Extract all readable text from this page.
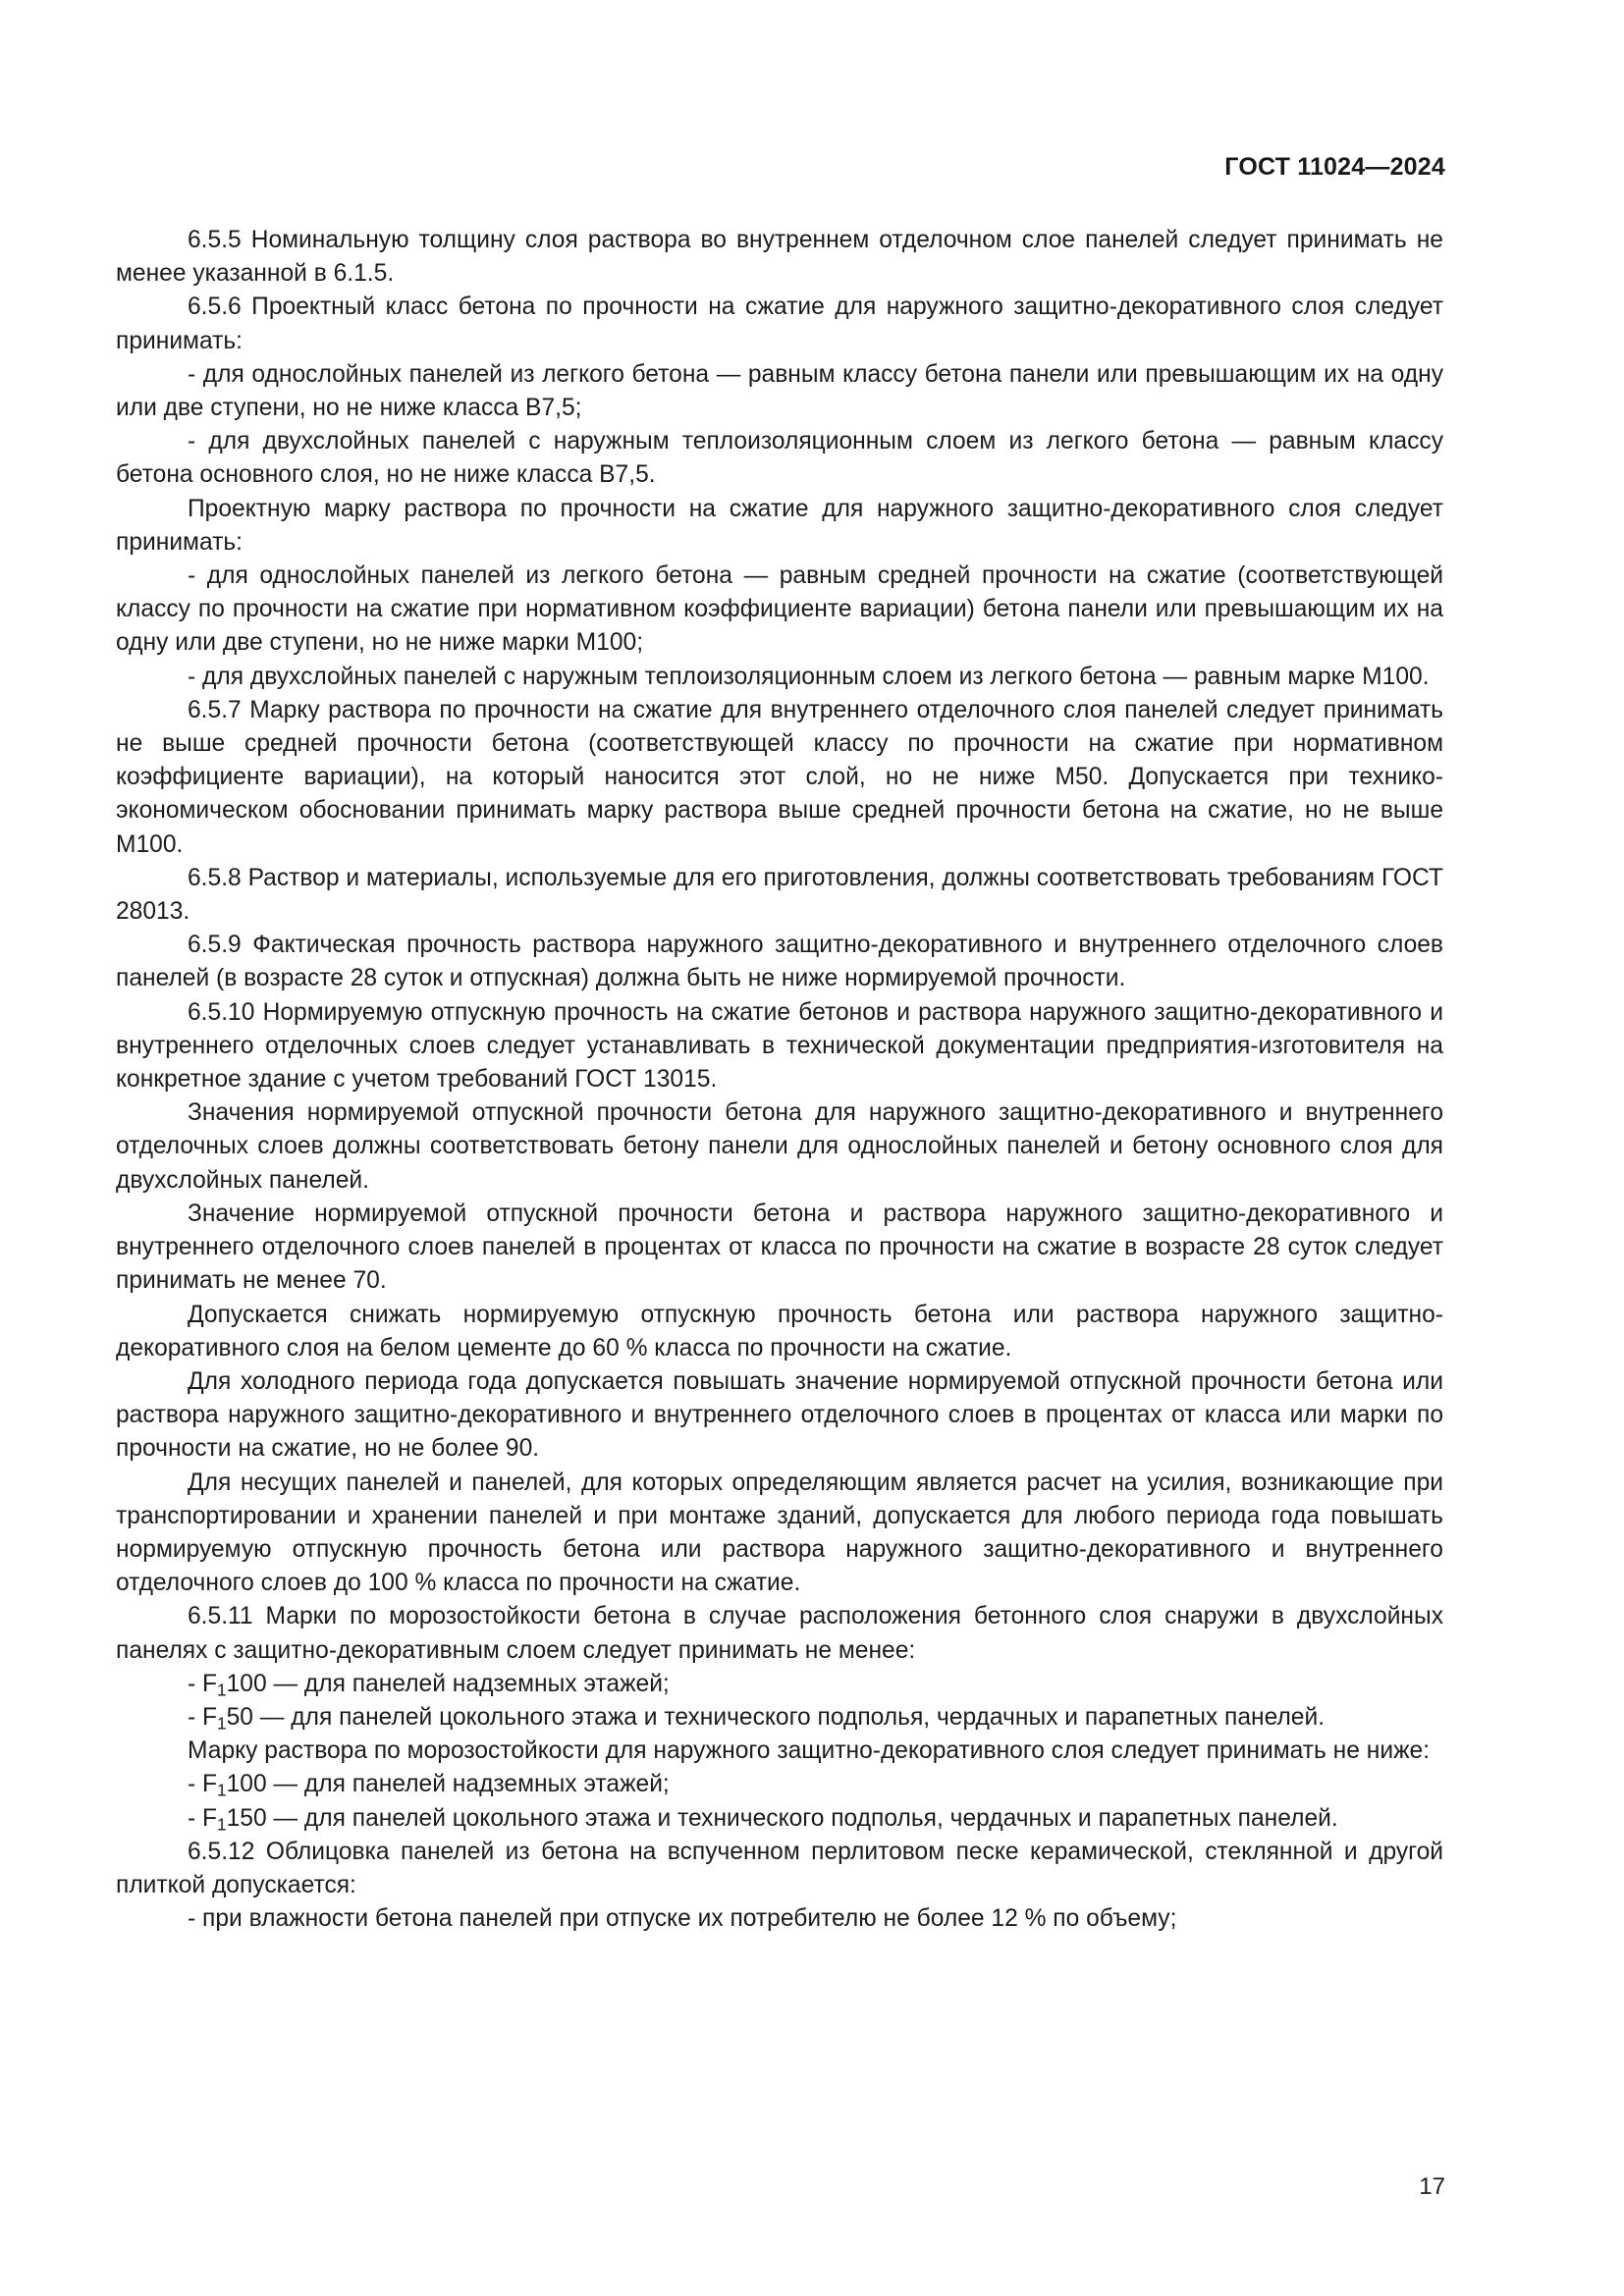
ГОСТ 11024—2024

6.5.5 Номинальную толщину слоя раствора во внутреннем отделочном слое панелей следует принимать не менее указанной в 6.1.5.

6.5.6 Проектный класс бетона по прочности на сжатие для наружного защитно-декоративного слоя следует принимать:

- для однослойных панелей из легкого бетона — равным классу бетона панели или превышающим их на одну или две ступени, но не ниже класса В7,5;

- для двухслойных панелей с наружным теплоизоляционным слоем из легкого бетона — равным классу бетона основного слоя, но не ниже класса В7,5.

Проектную марку раствора по прочности на сжатие для наружного защитно-декоративного слоя следует принимать:

- для однослойных панелей из легкого бетона — равным средней прочности на сжатие (соответствующей классу по прочности на сжатие при нормативном коэффициенте вариации) бетона панели или превышающим их на одну или две ступени, но не ниже марки М100;

- для двухслойных панелей с наружным теплоизоляционным слоем из легкого бетона — равным марке М100.

6.5.7 Марку раствора по прочности на сжатие для внутреннего отделочного слоя панелей следует принимать не выше средней прочности бетона (соответствующей классу по прочности на сжатие при нормативном коэффициенте вариации), на который наносится этот слой, но не ниже М50. Допускается при технико-экономическом обосновании принимать марку раствора выше средней прочности бетона на сжатие, но не выше М100.

6.5.8 Раствор и материалы, используемые для его приготовления, должны соответствовать требованиям ГОСТ 28013.

6.5.9 Фактическая прочность раствора наружного защитно-декоративного и внутреннего отделочного слоев панелей (в возрасте 28 суток и отпускная) должна быть не ниже нормируемой прочности.

6.5.10 Нормируемую отпускную прочность на сжатие бетонов и раствора наружного защитно-декоративного и внутреннего отделочных слоев следует устанавливать в технической документации предприятия-изготовителя на конкретное здание с учетом требований ГОСТ 13015.

Значения нормируемой отпускной прочности бетона для наружного защитно-декоративного и внутреннего отделочных слоев должны соответствовать бетону панели для однослойных панелей и бетону основного слоя для двухслойных панелей.

Значение нормируемой отпускной прочности бетона и раствора наружного защитно-декоративного и внутреннего отделочного слоев панелей в процентах от класса по прочности на сжатие в возрасте 28 суток следует принимать не менее 70.

Допускается снижать нормируемую отпускную прочность бетона или раствора наружного защитно-декоративного слоя на белом цементе до 60 % класса по прочности на сжатие.

Для холодного периода года допускается повышать значение нормируемой отпускной прочности бетона или раствора наружного защитно-декоративного и внутреннего отделочного слоев в процентах от класса или марки по прочности на сжатие, но не более 90.

Для несущих панелей и панелей, для которых определяющим является расчет на усилия, возникающие при транспортировании и хранении панелей и при монтаже зданий, допускается для любого периода года повышать нормируемую отпускную прочность бетона или раствора наружного защитно-декоративного и внутреннего отделочного слоев до 100 % класса по прочности на сжатие.

6.5.11 Марки по морозостойкости бетона в случае расположения бетонного слоя снаружи в двухслойных панелях с защитно-декоративным слоем следует принимать не менее:

- $F_1100$ — для панелей надземных этажей;

- $F_150$ — для панелей цокольного этажа и технического подполья, чердачных и парапетных панелей.

Марку раствора по морозостойкости для наружного защитно-декоративного слоя следует принимать не ниже:

- $F_1100$ — для панелей надземных этажей;

- $F_1150$ — для панелей цокольного этажа и технического подполья, чердачных и парапетных панелей.

6.5.12 Облицовка панелей из бетона на вспученном перлитовом песке керамической, стеклянной и другой плиткой допускается:

- при влажности бетона панелей при отпуске их потребителю не более 12 % по объему;

17
